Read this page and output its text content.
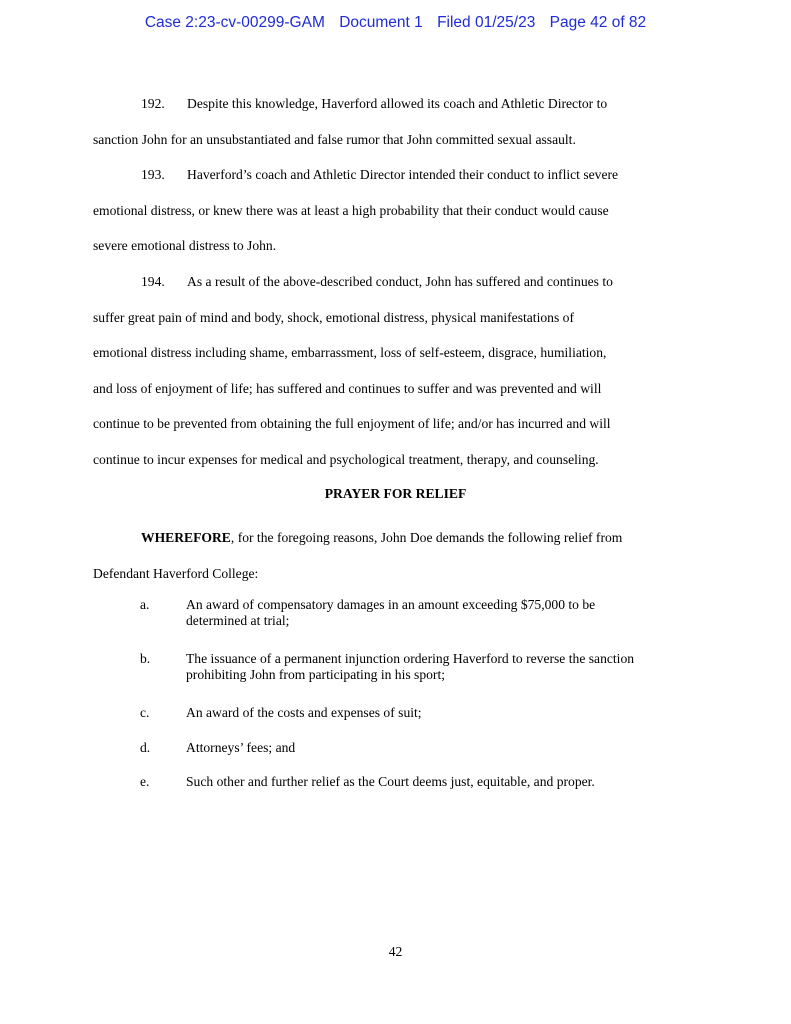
Case 2:23-cv-00299-GAM Document 1 Filed 01/25/23 Page 42 of 82

192. Despite this knowledge, Haverford allowed its coach and Athletic Director to
sanction John for an unsubstantiated and false rumor that John committed sexual assault.

193. Haverford’s coach and Athletic Director intended their conduct to inflict severe
emotional distress, or knew there was at least a high probability that their conduct would cause
severe emotional distress to John.

194. As a result of the above-described conduct, John has suffered and continues to
suffer great pain of mind and body, shock, emotional distress, physical manifestations of
emotional distress including shame, embarrassment, loss of self-esteem, disgrace, humiliation,
and loss of enjoyment of life; has suffered and continues to suffer and was prevented and will
continue to be prevented from obtaining the full enjoyment of life; and/or has incurred and will
continue to incur expenses for medical and psychological treatment, therapy, and counseling.

PRAYER FOR RELIEF

WHEREFORE, for the foregoing reasons, John Doe demands the following relief from
Defendant Haverford College:

a.	An award of compensatory damages in an amount exceeding $75,000 to be
determined at trial;
b.	The issuance of a permanent injunction ordering Haverford to reverse the sanction
prohibiting John from participating in his sport;
c.	An award of the costs and expenses of suit;
d.	Attorneys’ fees; and
e.	Such other and further relief as the Court deems just, equitable, and proper.
42
